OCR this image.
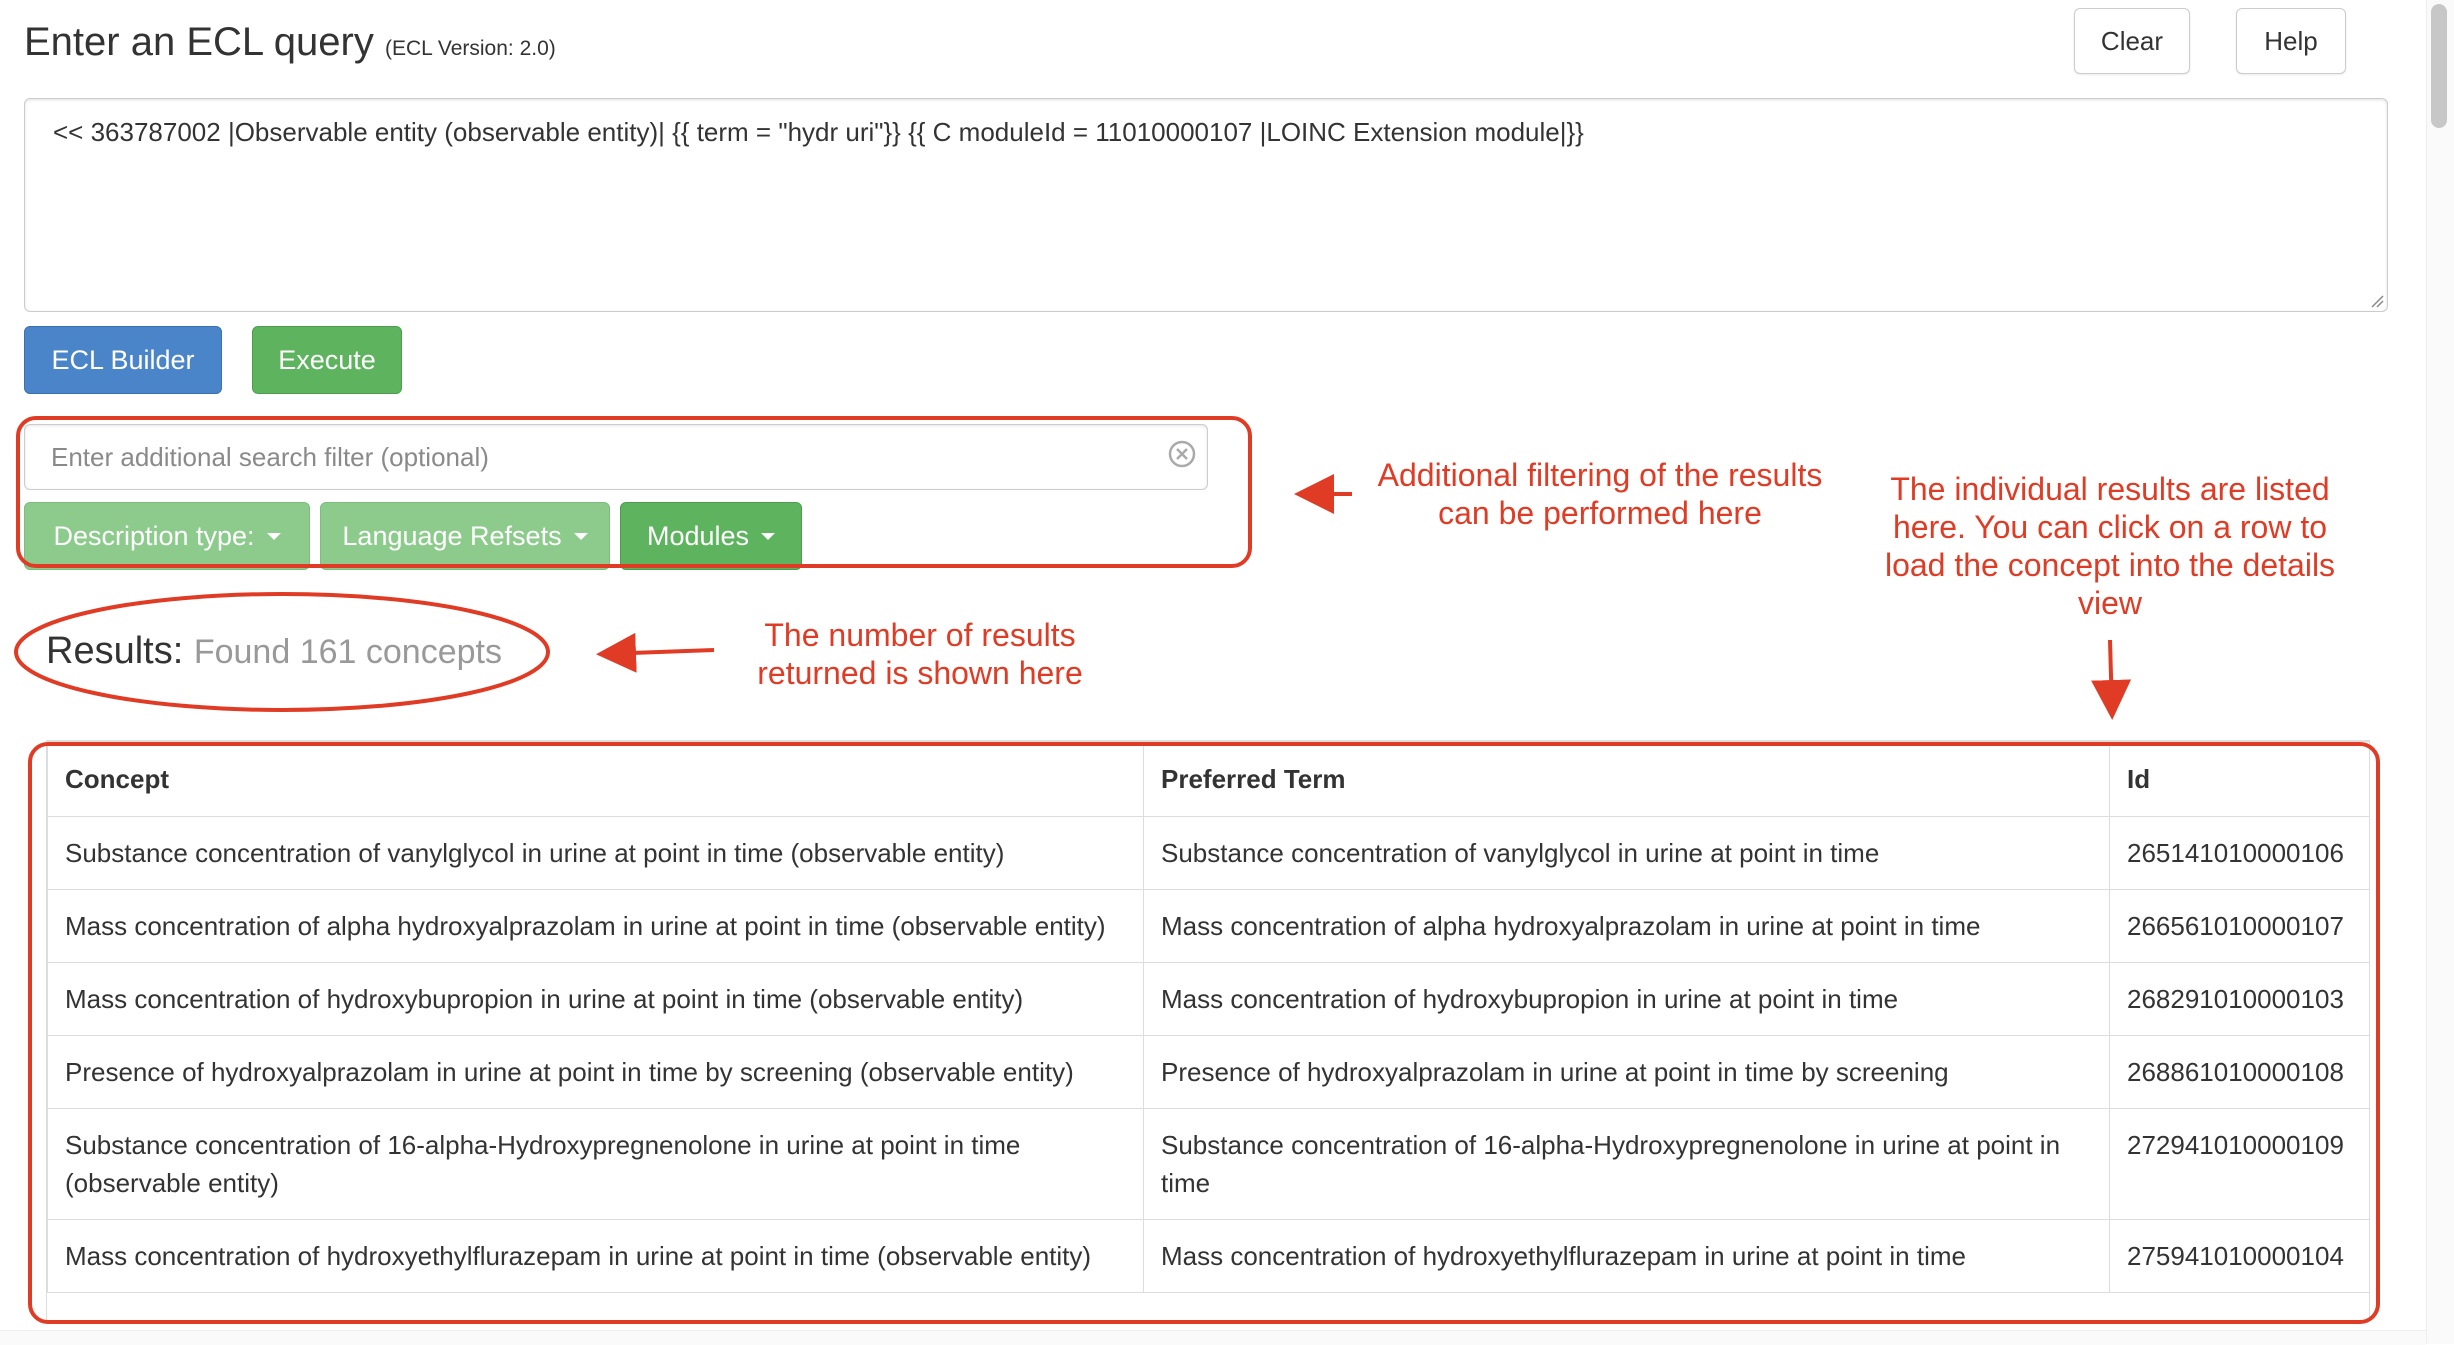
Enter an ECL query (ECL Version: 2.0)	Clear	Help
<< 363787002 |Observable entity (observable entity)| {{ term = "hydr uri"}} {{ C moduleId = 11010000107 |LOINC Extension module|}}
ECL Builder	Execute
Enter additional search filter (optional)
Description type:	Language Refsets	Modules
Results: Found 161 concepts
Concept	Preferred Term	Id
Substance concentration of vanylglycol in urine at point in time (observable entity)	Substance concentration of vanylglycol in urine at point in time	265141010000106
Mass concentration of alpha hydroxyalprazolam in urine at point in time (observable entity)	Mass concentration of alpha hydroxyalprazolam in urine at point in time	266561010000107
Mass concentration of hydroxybupropion in urine at point in time (observable entity)	Mass concentration of hydroxybupropion in urine at point in time	268291010000103
Presence of hydroxyalprazolam in urine at point in time by screening (observable entity)	Presence of hydroxyalprazolam in urine at point in time by screening	268861010000108
Substance concentration of 16-alpha-Hydroxypregnenolone in urine at point in time (observable entity)	Substance concentration of 16-alpha-Hydroxypregnenolone in urine at point in time	272941010000109
Mass concentration of hydroxyethylflurazepam in urine at point in time (observable entity)	Mass concentration of hydroxyethylflurazepam in urine at point in time	275941010000104
Additional filtering of the results can be performed here
The number of results returned is shown here
The individual results are listed here. You can click on a row to load the concept into the details view
